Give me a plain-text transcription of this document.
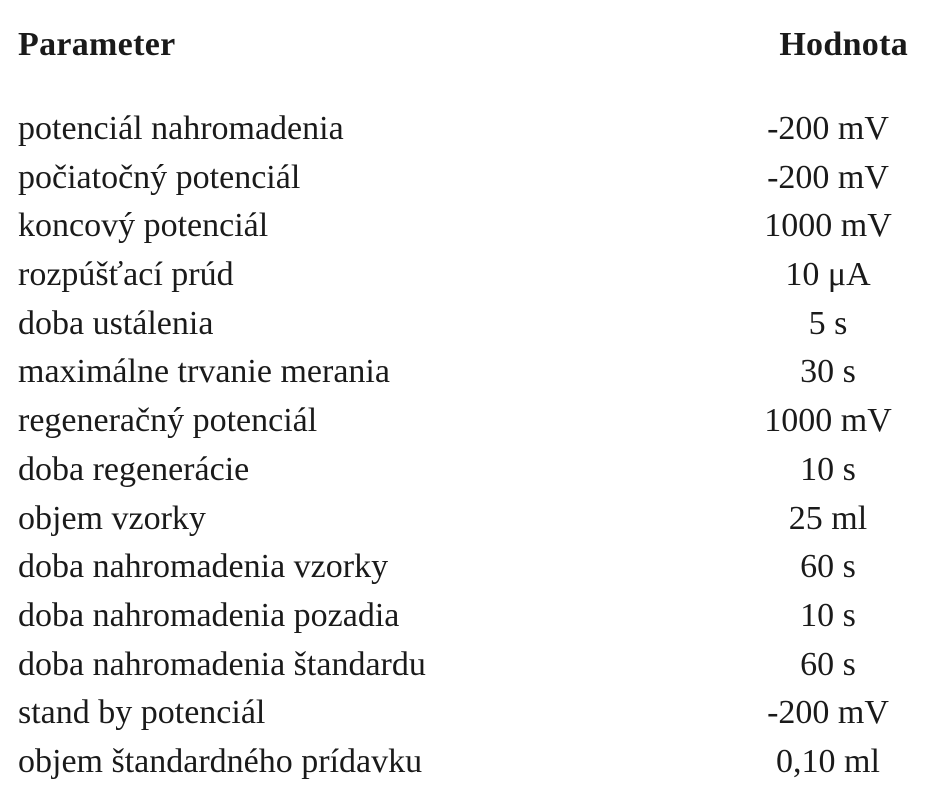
Parameter	Hodnota
potenciál nahromadenia	-200 mV
počiatočný potenciál	-200 mV
koncový potenciál	1000 mV
rozpúšťací prúd	10 μA
doba ustálenia	5 s
maximálne trvanie merania	30 s
regeneračný potenciál	1000 mV
doba regenerácie	10 s
objem vzorky	25 ml
doba nahromadenia vzorky	60 s
doba nahromadenia pozadia	10 s
doba nahromadenia štandardu	60 s
stand by potenciál	-200 mV
objem štandardného prídavku	0,10 ml
